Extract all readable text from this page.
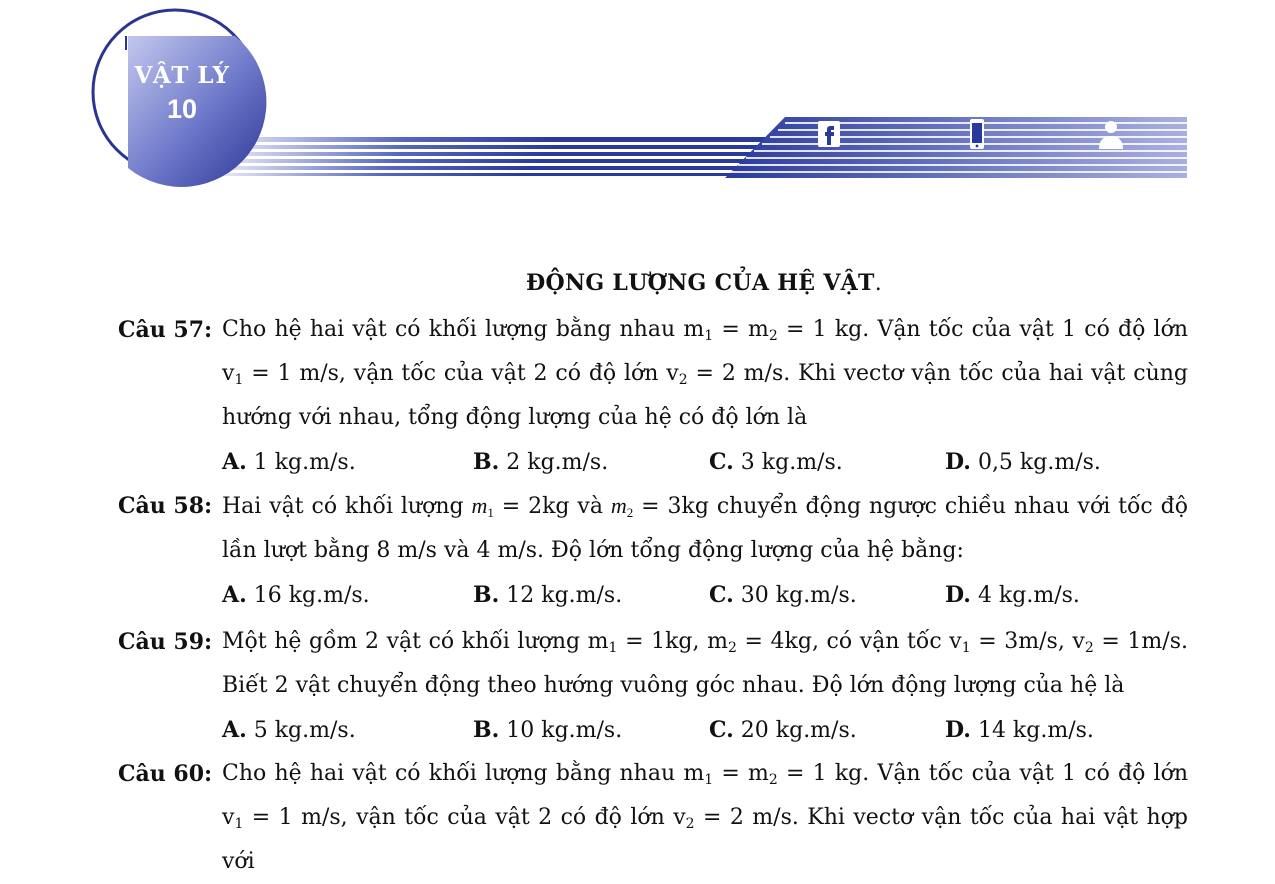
VẬT LÝ
10
ĐỘNG LƯỢNG CỦA HỆ VẬT.
Câu 57: Cho hệ hai vật có khối lượng bằng nhau $m_1 = m_2 = 1$ kg. Vận tốc của vật 1 có độ lớn $v_1 = 1$ m/s, vận tốc của vật 2 có độ lớn $v_2 = 2$ m/s. Khi vectơ vận tốc của hai vật cùng hướng với nhau, tổng động lượng của hệ có độ lớn là
A. 1 kg.m/s.	B. 2 kg.m/s.	C. 3 kg.m/s.	D. 0,5 kg.m/s.
Câu 58: Hai vật có khối lượng $m_1 = 2kg$ và $m_2 = 3kg$ chuyển động ngược chiều nhau với tốc độ lần lượt bằng 8 m/s và 4 m/s. Độ lớn tổng động lượng của hệ bằng:
A. 16 kg.m/s.	B. 12 kg.m/s.	C. 30 kg.m/s.	D. 4 kg.m/s.
Câu 59: Một hệ gồm 2 vật có khối lượng $m_1 = 1kg$, $m_2 = 4kg$, có vận tốc $v_1 = 3m/s$, $v_2 = 1m/s$. Biết 2 vật chuyển động theo hướng vuông góc nhau. Độ lớn động lượng của hệ là
A. 5 kg.m/s.	B. 10 kg.m/s.	C. 20 kg.m/s.	D. 14 kg.m/s.
Câu 60: Cho hệ hai vật có khối lượng bằng nhau $m_1 = m_2 = 1$ kg. Vận tốc của vật 1 có độ lớn $v_1 = 1$ m/s, vận tốc của vật 2 có độ lớn $v_2 = 2$ m/s. Khi vectơ vận tốc của hai vật hợp với
